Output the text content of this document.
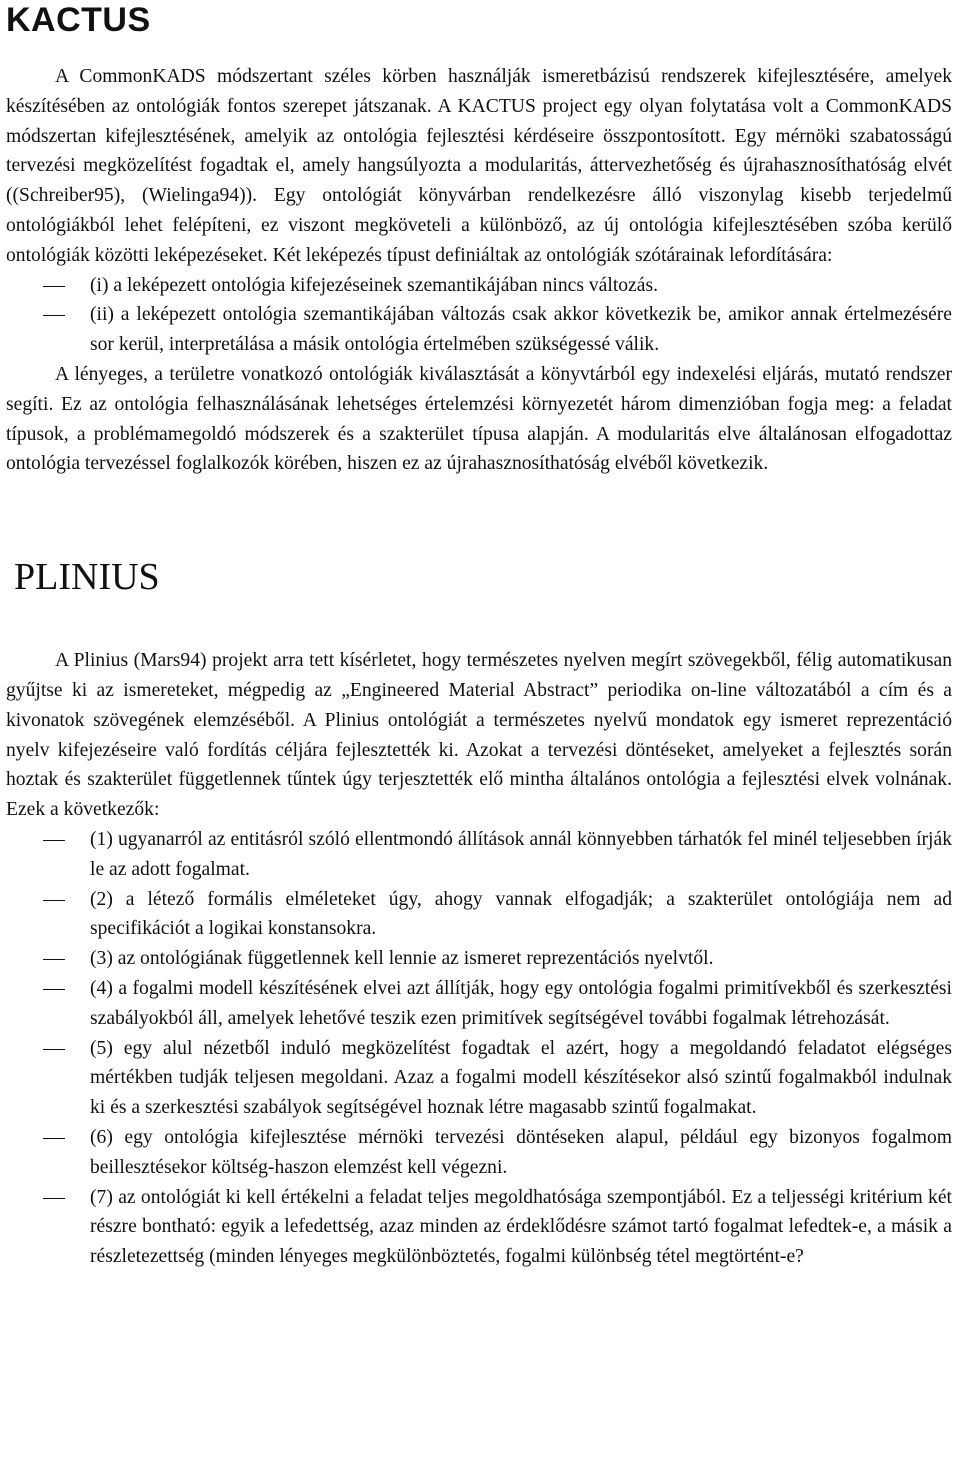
KACTUS

A CommonKADS módszertant széles körben használják ismeretbázisú rendszerek kifejlesztésére, amelyek készítésében az ontológiák fontos szerepet játszanak. A KACTUS project egy olyan folytatása volt a CommonKADS módszertan kifejlesztésének, amelyik az ontológia fejlesztési kérdéseire összpontosított. Egy mérnöki szabatosságú tervezési megközelítést fogadtak el, amely hangsúlyozta a modularitás, áttervezhetőség és újrahasznosíthatóság elvét ((Schreiber95), (Wielinga94)). Egy ontológiát könyvárban rendelkezésre álló viszonylag kisebb terjedelmű ontológiákból lehet felépíteni, ez viszont megköveteli a különböző, az új ontológia kifejlesztésében szóba kerülő ontológiák közötti leképezéseket. Két leképezés típust definiáltak az ontológiák szótárainak lefordítására:

(i) a leképezett ontológia kifejezéseinek szemantikájában nincs változás.
(ii) a leképezett ontológia szemantikájában változás csak akkor következik be, amikor annak értelmezésére sor kerül, interpretálása a másik ontológia értelmében szükségessé válik.

A lényeges, a területre vonatkozó ontológiák kiválasztását a könyvtárból egy indexelési eljárás, mutató rendszer segíti. Ez az ontológia felhasználásának lehetséges értelemzési környezetét három dimenzióban fogja meg: a feladat típusok, a problémamegoldó módszerek és a szakterület típusa alapján. A modularitás elve általánosan elfogadottaz ontológia tervezéssel foglalkozók körében, hiszen ez az újrahasznosíthatóság elvéből következik.

PLINIUS

A Plinius (Mars94) projekt arra tett kísérletet, hogy természetes nyelven megírt szövegekből, félig automatikusan gyűjtse ki az ismereteket, mégpedig az „Engineered Material Abstract” periodika on-line változatából a cím és a kivonatok szövegének elemzéséből. A Plinius ontológiát a természetes nyelvű mondatok egy ismeret reprezentáció nyelv kifejezéseire való fordítás céljára fejlesztették ki. Azokat a tervezési döntéseket, amelyeket a fejlesztés során hoztak és szakterület függetlennek tűntek úgy terjesztették elő mintha általános ontológia a fejlesztési elvek volnának. Ezek a következők:

(1) ugyanarról az entitásról szóló ellentmondó állítások annál könnyebben tárhatók fel minél teljesebben írják le az adott fogalmat.
(2) a létező formális elméleteket úgy, ahogy vannak elfogadják; a szakterület ontológiája nem ad specifikációt a logikai konstansokra.
(3) az ontológiának függetlennek kell lennie az ismeret reprezentációs nyelvtől.
(4) a fogalmi modell készítésének elvei azt állítják, hogy egy ontológia fogalmi primitívekből és szerkesztési szabályokból áll, amelyek lehetővé teszik ezen primitívek segítségével további fogalmak létrehozását.
(5) egy alul nézetből induló megközelítést fogadtak el azért, hogy a megoldandó feladatot elégséges mértékben tudják teljesen megoldani. Azaz a fogalmi modell készítésekor alsó szintű fogalmakból indulnak ki és a szerkesztési szabályok segítségével hoznak létre magasabb szintű fogalmakat.
(6) egy ontológia kifejlesztése mérnöki tervezési döntéseken alapul, például egy bizonyos fogalmom beillesztésekor költség-haszon elemzést kell végezni.
(7) az ontológiát ki kell értékelni a feladat teljes megoldhatósága szempontjából. Ez a teljességi kritérium két részre bontható: egyik a lefedettség, azaz minden az érdeklődésre számot tartó fogalmat lefedtek-e, a másik a részletezettség (minden lényeges megkülönböztetés, fogalmi különbség tétel megtörtént-e?
